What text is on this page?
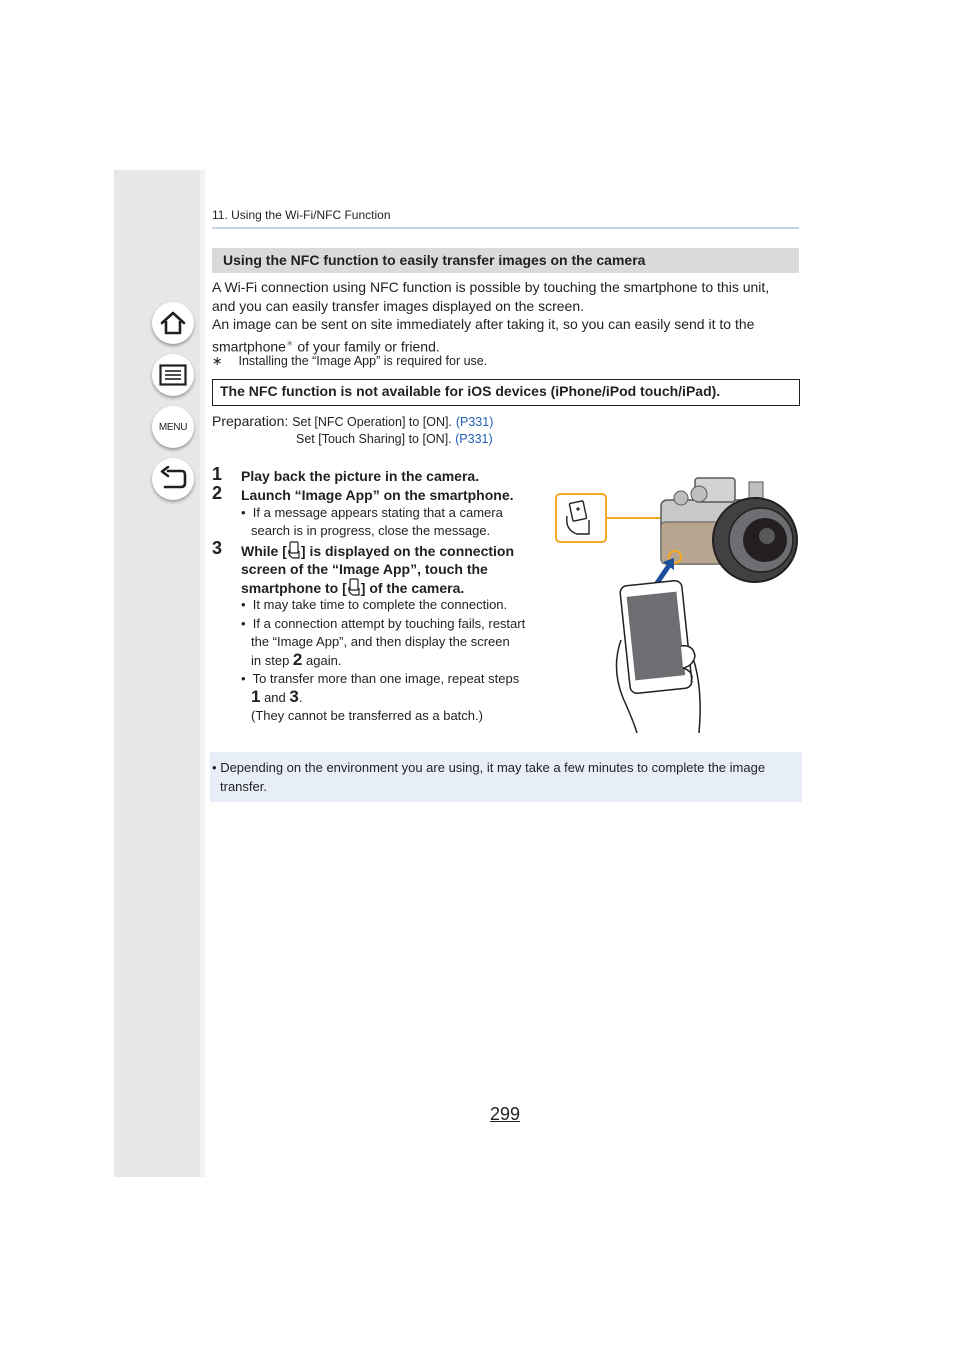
MENU
11. Using the Wi-Fi/NFC Function
Using the NFC function to easily transfer images on the camera
A Wi-Fi connection using NFC function is possible by touching the smartphone to this unit,
and you can easily transfer images displayed on the screen.
An image can be sent on site immediately after taking it, so you can easily send it to the
smartphone∗ of your family or friend.
∗ Installing the “Image App” is required for use.
The NFC function is not available for iOS devices (iPhone/iPod touch/iPad).
Preparation: Set [NFC Operation] to [ON]. (P331)
Set [Touch Sharing] to [ON]. (P331)
1 Play back the picture in the camera.
2 Launch “Image App” on the smartphone.
• If a message appears stating that a camera
search is in progress, close the message.
3 While [ ] is displayed on the connection
screen of the “Image App”, touch the
smartphone to [ ] of the camera.
• It may take time to complete the connection.
• If a connection attempt by touching fails, restart
the “Image App”, and then display the screen
in step 2 again.
• To transfer more than one image, repeat steps
1 and 3.
(They cannot be transferred as a batch.)
• Depending on the environment you are using, it may take a few minutes to complete the image
transfer.
299
